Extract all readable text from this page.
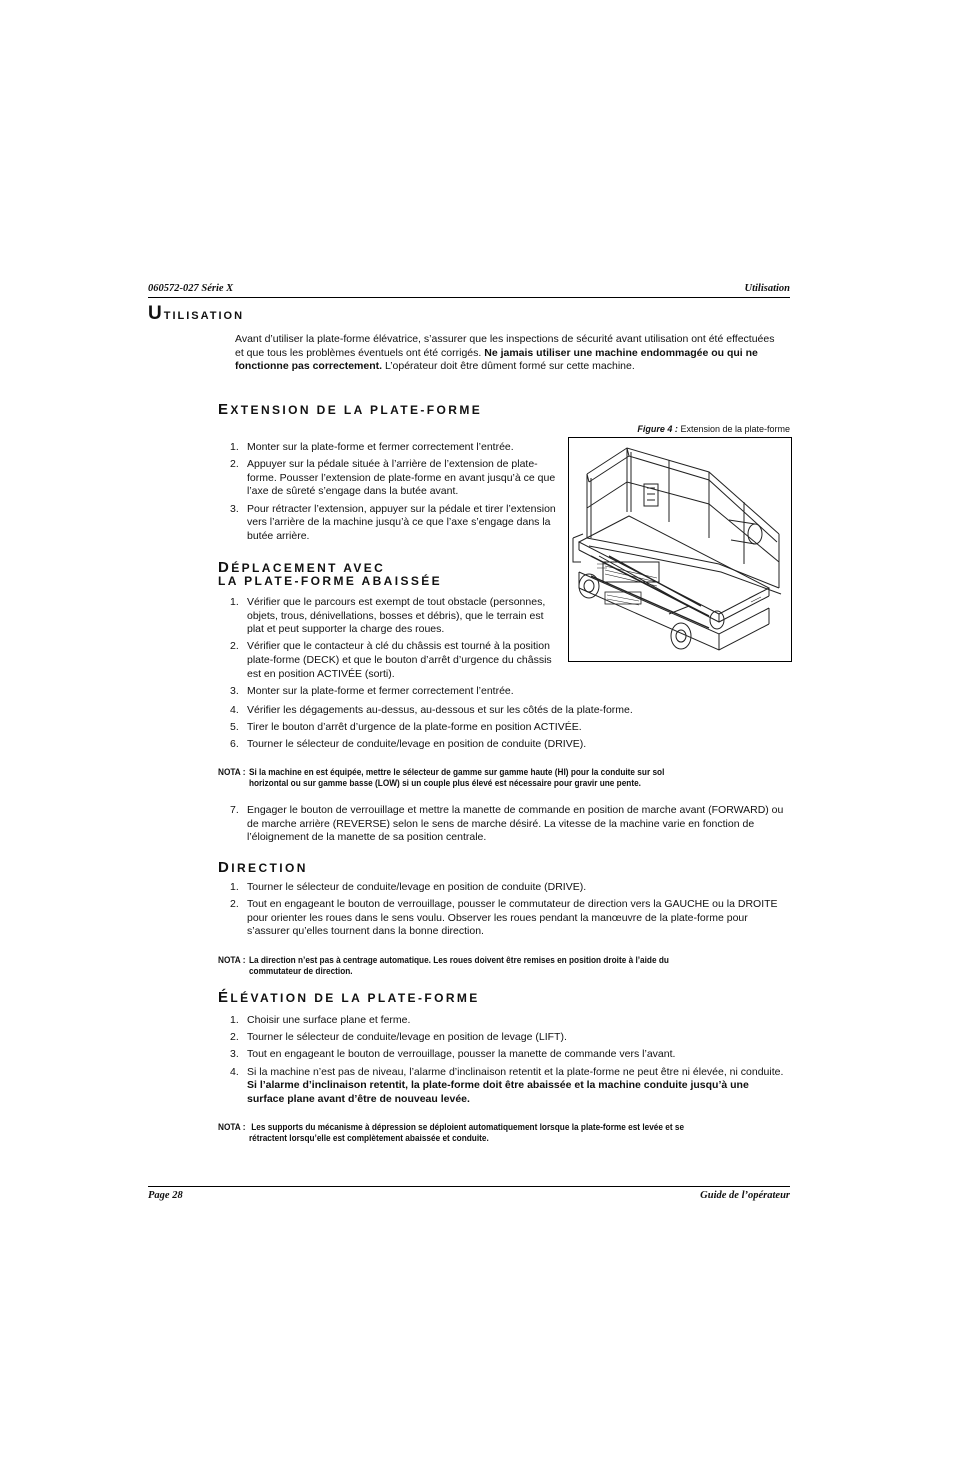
060572-027 Série X	Utilisation
Utilisation

Avant d’utiliser la plate-forme élévatrice, s’assurer que les inspections de sécurité avant utilisation ont été effectuées et que tous les problèmes éventuels ont été corrigés. Ne jamais utiliser une machine endommagée ou qui ne fonctionne pas correctement. L’opérateur doit être dûment formé sur cette machine.

EXTENSION DE LA PLATE-FORME
Figure 4 : Extension de la plate-forme
1. Monter sur la plate-forme et fermer correctement l’entrée.
2. Appuyer sur la pédale située à l’arrière de l’extension de plate-forme. Pousser l’extension de plate-forme en avant jusqu’à ce que l’axe de sûreté s’engage dans la butée avant.
3. Pour rétracter l’extension, appuyer sur la pédale et tirer l’extension vers l’arrière de la machine jusqu’à ce que l’axe s’engage dans la butée arrière.
DÉPLACEMENT AVEC
LA PLATE-FORME ABAISSÉE
1. Vérifier que le parcours est exempt de tout obstacle (personnes, objets, trous, dénivellations, bosses et débris), que le terrain est plat et peut supporter la charge des roues.
2. Vérifier que le contacteur à clé du châssis est tourné à la position plate-forme (DECK) et que le bouton d’arrêt d’urgence du châssis est en position ACTIVÉE (sorti).
3. Monter sur la plate-forme et fermer correctement l’entrée.
4. Vérifier les dégagements au-dessus, au-dessous et sur les côtés de la plate-forme.
5. Tirer le bouton d’arrêt d’urgence de la plate-forme en position ACTIVÉE.
6. Tourner le sélecteur de conduite/levage en position de conduite (DRIVE).
NOTA : Si la machine en est équipée, mettre le sélecteur de gamme sur gamme haute (HI) pour la conduite sur sol
horizontal ou sur gamme basse (LOW) si un couple plus élevé est nécessaire pour gravir une pente.
7. Engager le bouton de verrouillage et mettre la manette de commande en position de marche avant (FORWARD) ou de marche arrière (REVERSE) selon le sens de marche désiré. La vitesse de la machine varie en fonction de l’éloignement de la manette de sa position centrale.
DIRECTION
1. Tourner le sélecteur de conduite/levage en position de conduite (DRIVE).
2. Tout en engageant le bouton de verrouillage, pousser le commutateur de direction vers la GAUCHE ou la DROITE pour orienter les roues dans le sens voulu. Observer les roues pendant la manœuvre de la plate-forme pour s’assurer qu’elles tournent dans la bonne direction.
NOTA : La direction n’est pas à centrage automatique. Les roues doivent être remises en position droite à l’aide du
commutateur de direction.
ÉLÉVATION DE LA PLATE-FORME
1. Choisir une surface plane et ferme.
2. Tourner le sélecteur de conduite/levage en position de levage (LIFT).
3. Tout en engageant le bouton de verrouillage, pousser la manette de commande vers l’avant.
4. Si la machine n’est pas de niveau, l’alarme d’inclinaison retentit et la plate-forme ne peut être ni élevée, ni conduite. Si l’alarme d’inclinaison retentit, la plate-forme doit être abaissée et la machine conduite jusqu’à une surface plane avant d’être de nouveau levée.
NOTA : Les supports du mécanisme à dépression se déploient automatiquement lorsque la plate-forme est levée et se
rétractent lorsqu’elle est complètement abaissée et conduite.
Page 28	Guide de l’opérateur
